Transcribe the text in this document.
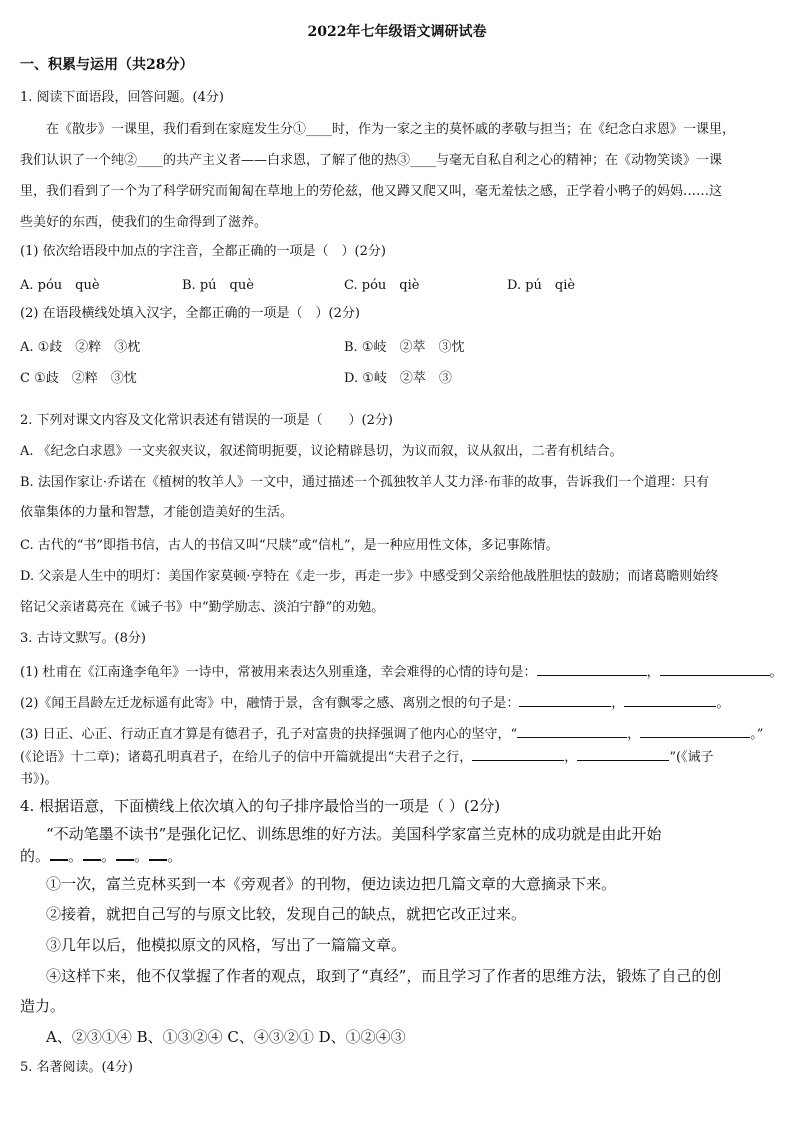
2022年七年级语文调研试卷
一、积累与运用（共28分）
1. 阅读下面语段，回答问题。(4分)
在《散步》一课里，我们看到在家庭发生分①____时，作为一家之主的莫怀戚的孝敬与担当；在《纪念白求恩》一课里，
我们认识了一个纯②____的共产主义者——白求恩，了解了他的热③____与毫无自私自利之心的精神；在《动物笑谈》一课
里，我们看到了一个为了科学研究而匍匐在草地上的劳伦兹，他又蹲又爬又叫，毫无羞怯之感，正学着小鸭子的妈妈……这
些美好的东西，使我们的生命得到了滋养。
(1) 依次给语段中加点的字注音，全都正确的一项是（　）(2分)
A. póu　què	B. pú　què	C. póu　qiè	D. pú　qiè
(2) 在语段横线处填入汉字，全都正确的一项是（　）(2分)
A. ①歧　②粹　③枕	B. ①岐　②萃　③忱
C ①歧　②粹　③忱	D. ①岐　②萃　③
2. 下列对课文内容及文化常识表述有错误的一项是（　　）(2分)
A. 《纪念白求恩》一文夹叙夹议，叙述简明扼要，议论精辟恳切，为议而叙，议从叙出，二者有机结合。
B. 法国作家让·乔诺在《植树的牧羊人》一文中，通过描述一个孤独牧羊人艾力泽·布菲的故事，告诉我们一个道理：只有
依靠集体的力量和智慧，才能创造美好的生活。
C. 古代的“书”即指书信，古人的书信又叫“尺牍”或“信札”，是一种应用性文体，多记事陈情。
D. 父亲是人生中的明灯：美国作家莫顿·亨特在《走一步，再走一步》中感受到父亲给他战胜胆怯的鼓励；而诸葛瞻则始终
铭记父亲诸葛亮在《诫子书》中“勤学励志、淡泊宁静”的劝勉。
3. 古诗文默写。(8分)
(1) 杜甫在《江南逢李龟年》一诗中，常被用来表达久别重逢，幸会难得的心情的诗句是：	，	。
(2)《闻王昌龄左迁龙标遥有此寄》中，融情于景，含有飘零之感、离别之恨的句子是：	，	。
(3) 日正、心正、行动正直才算是有德君子，孔子对富贵的抉择强调了他内心的坚守，“	，	。”
(《论语》十二章)；诸葛孔明真君子，在给儿子的信中开篇就提出“夫君子之行，	，	”(《诫子
书》)。
4. 根据语意，下面横线上依次填入的句子排序最恰当的一项是（ ）(2分)
“不动笔墨不读书”是强化记忆、训练思维的好方法。美国科学家富兰克林的成功就是由此开始
的。 。 。 。 。
①一次，富兰克林买到一本《旁观者》的刊物，便边读边把几篇文章的大意摘录下来。
②接着，就把自己写的与原文比较，发现自己的缺点，就把它改正过来。
③几年以后，他模拟原文的风格，写出了一篇篇文章。
④这样下来，他不仅掌握了作者的观点，取到了“真经”，而且学习了作者的思维方法，锻炼了自己的创
造力。
A、②③①④ B、①③②④ C、④③②① D、①②④③
5. 名著阅读。(4分)
